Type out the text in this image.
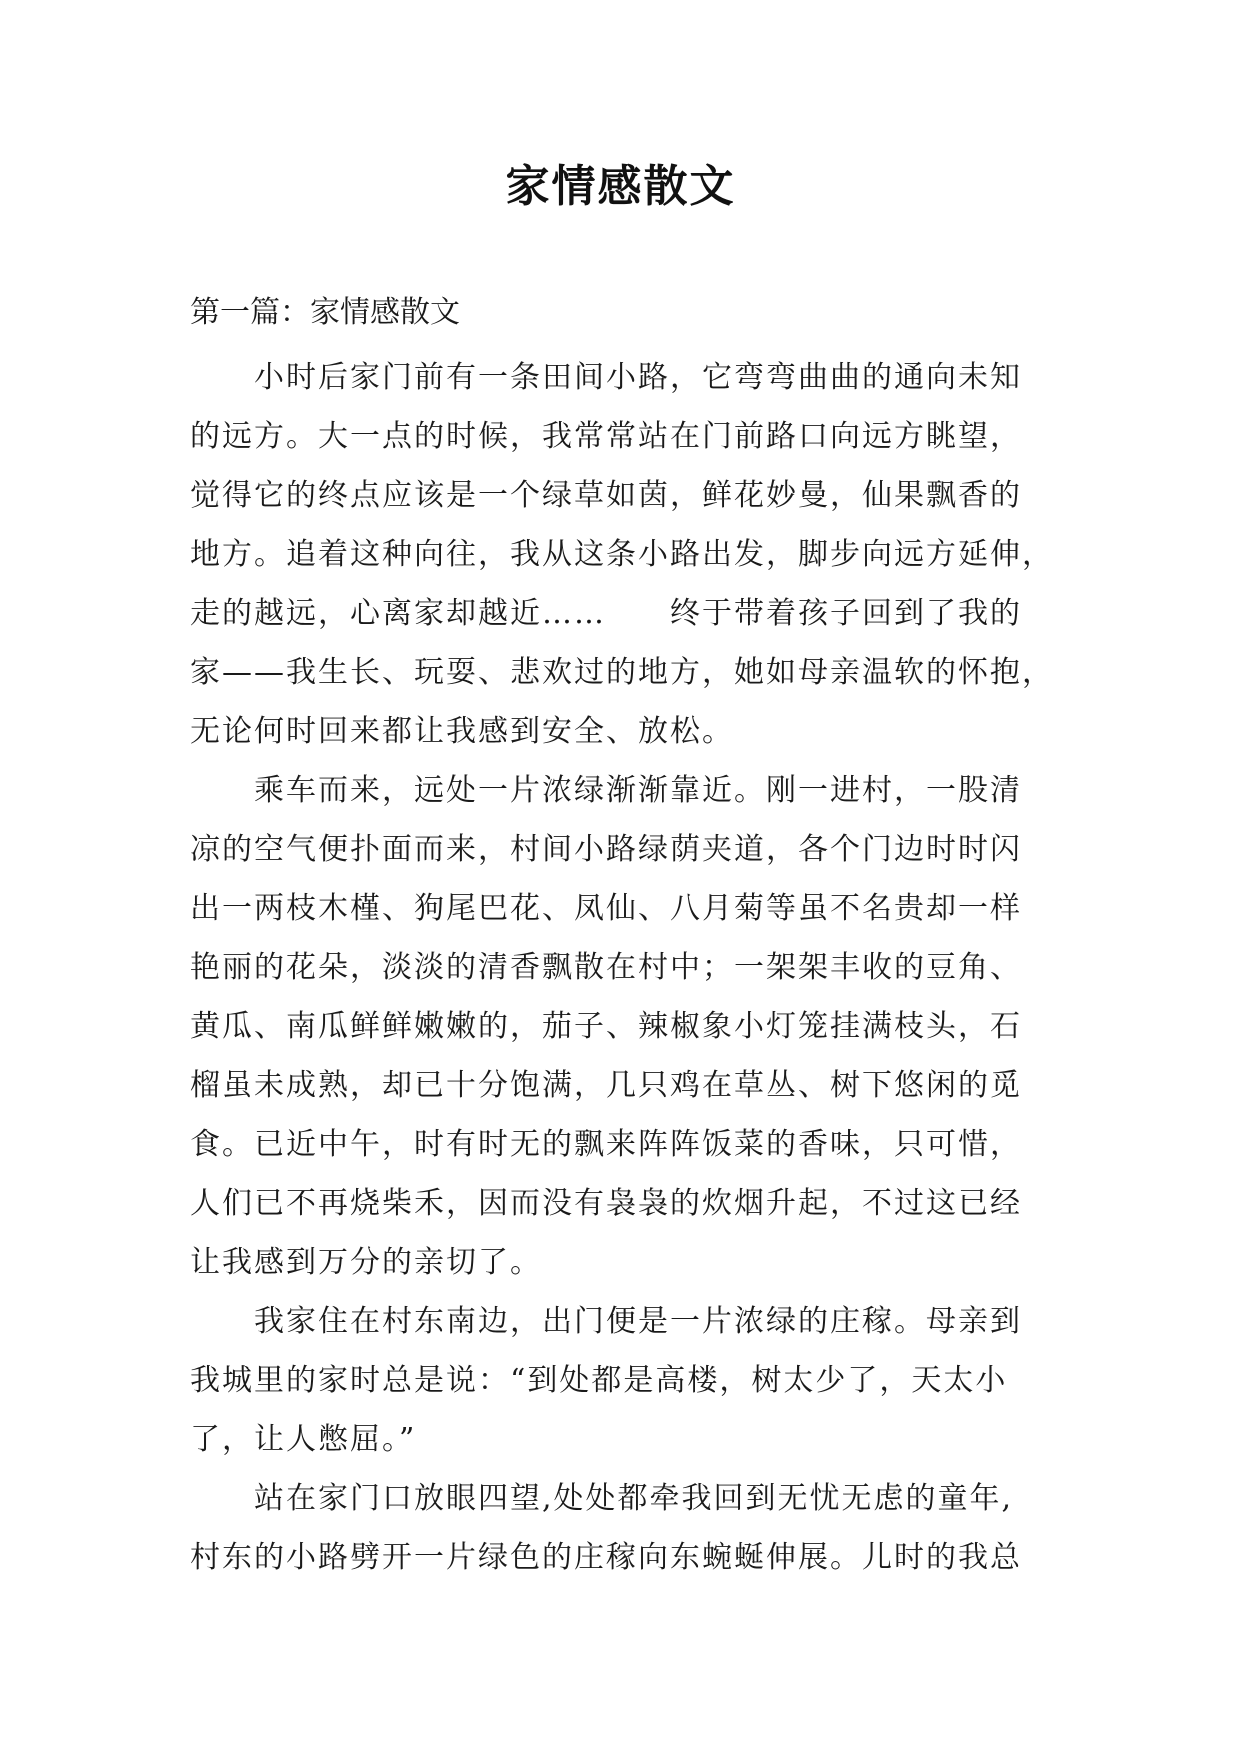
家情感散文
第一篇：家情感散文

小时后家门前有一条田间小路，它弯弯曲曲的通向未知
的远方。大一点的时候，我常常站在门前路口向远方眺望，
觉得它的终点应该是一个绿草如茵，鲜花妙曼，仙果飘香的
地方。追着这种向往，我从这条小路出发，脚步向远方延伸，
走的越远，心离家却越近……　　终于带着孩子回到了我的
家——我生长、玩耍、悲欢过的地方，她如母亲温软的怀抱，
无论何时回来都让我感到安全、放松。

乘车而来，远处一片浓绿渐渐靠近。刚一进村，一股清
凉的空气便扑面而来，村间小路绿荫夹道，各个门边时时闪
出一两枝木槿、狗尾巴花、凤仙、八月菊等虽不名贵却一样
艳丽的花朵，淡淡的清香飘散在村中；一架架丰收的豆角、
黄瓜、南瓜鲜鲜嫩嫩的，茄子、辣椒象小灯笼挂满枝头，石
榴虽未成熟，却已十分饱满，几只鸡在草丛、树下悠闲的觅
食。已近中午，时有时无的飘来阵阵饭菜的香味，只可惜，
人们已不再烧柴禾，因而没有袅袅的炊烟升起，不过这已经
让我感到万分的亲切了。

我家住在村东南边，出门便是一片浓绿的庄稼。母亲到
我城里的家时总是说：“到处都是高楼，树太少了，天太小
了，让人憋屈。”

站在家门口放眼四望,处处都牵我回到无忧无虑的童年,
村东的小路劈开一片绿色的庄稼向东蜿蜒伸展。儿时的我总
